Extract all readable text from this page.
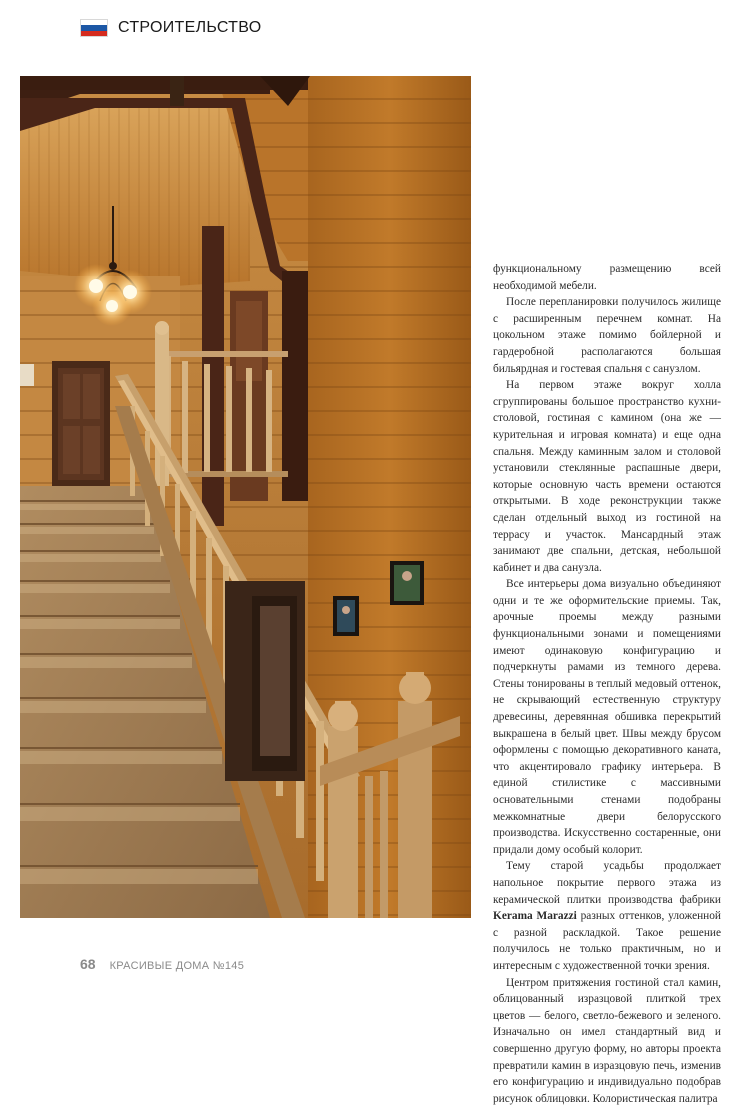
СТРОИТЕЛЬСТВО

функциональному размещению всей необходимой мебели.

После перепланировки получилось жилище с расширенным перечнем комнат. На цокольном этаже помимо бойлерной и гардеробной располагаются большая бильярдная и гостевая спальня с санузлом.

На первом этаже вокруг холла сгруппированы большое пространство кухни-столовой, гостиная с камином (она же — курительная и игровая комната) и еще одна спальня. Между каминным залом и столовой установили стеклянные распашные двери, которые основную часть времени остаются открытыми. В ходе реконструкции также сделан отдельный выход из гостиной на террасу и участок. Мансардный этаж занимают две спальни, детская, небольшой кабинет и два санузла.

Все интерьеры дома визуально объединяют одни и те же оформительские приемы. Так, арочные проемы между разными функциональными зонами и помещениями имеют одинаковую конфигурацию и подчеркнуты рамами из темного дерева. Стены тонированы в теплый медовый оттенок, не скрывающий естественную структуру древесины, деревянная обшивка перекрытий выкрашена в белый цвет. Швы между брусом оформлены с помощью декоративного каната, что акцентировало графику интерьера. В единой стилистике с массивными основательными стенами подобраны межкомнатные двери белорусского производства. Искусственно состаренные, они придали дому особый колорит.

Тему старой усадьбы продолжает напольное покрытие первого этажа из керамической плитки производства фабрики Kerama Marazzi разных оттенков, уложенной с разной раскладкой. Такое решение получилось не только практичным, но и интересным с художественной точки зрения.

Центром притяжения гостиной стал камин, облицованный изразцовой плиткой трех цветов — белого, светло-бежевого и зеленого. Изначально он имел стандартный вид и совершенно другую форму, но авторы проекта превратили камин в изразцовую печь, изменив его конфигурацию и индивидуально подобрав рисунок облицовки. Колористическая палитра

68 КРАСИВЫЕ ДОМА №145
